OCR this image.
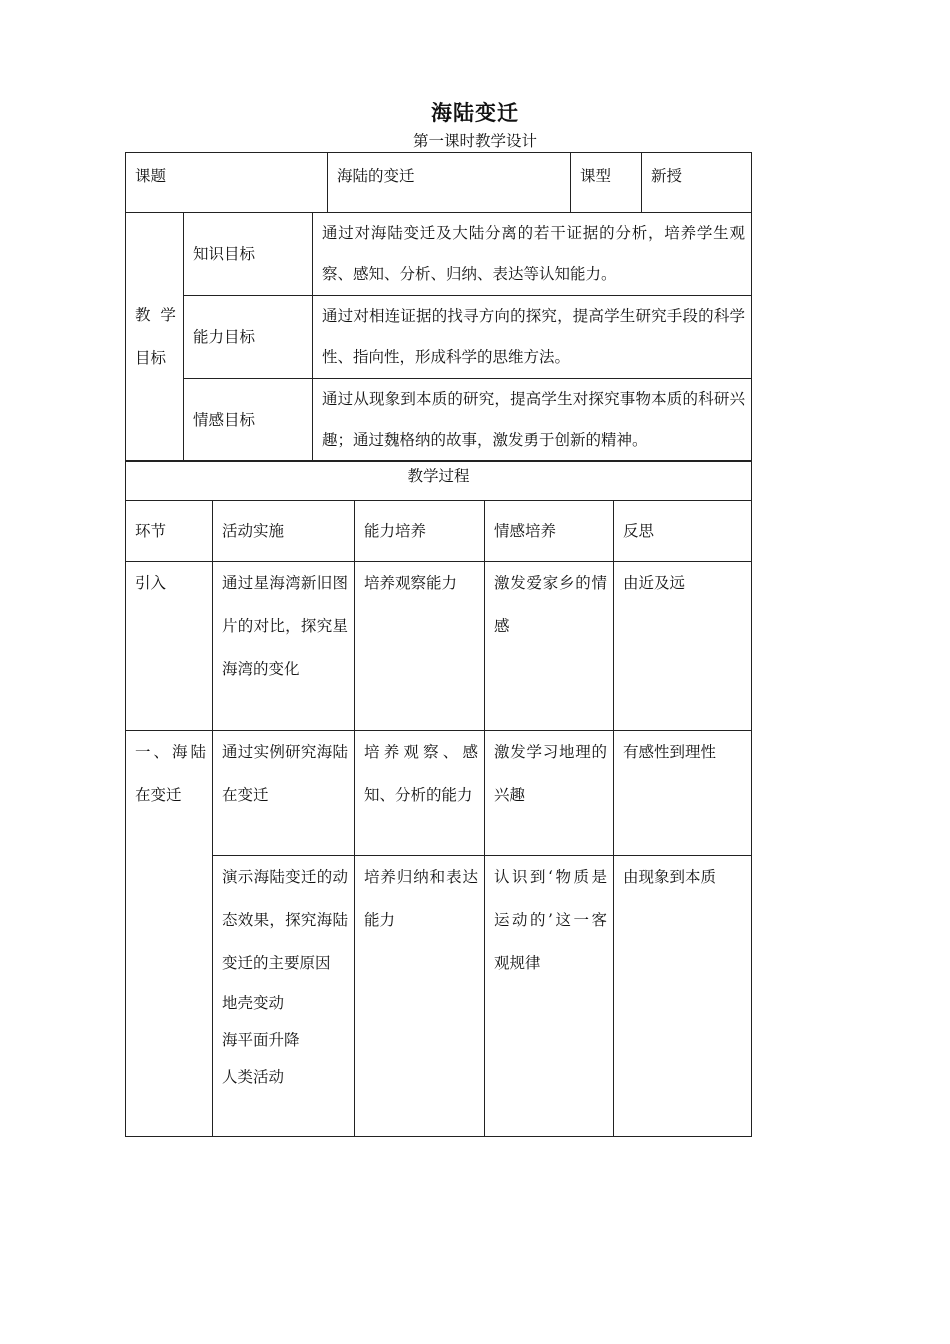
海陆变迁
第一课时教学设计
课题			海陆的变迁	课型	新授
教  学
目标	知识目标	通过对海陆变迁及大陆分离的若干证据的分析，培养学生观察、感知、分析、归纳、表达等认知能力。			
	能力目标	通过对相连证据的找寻方向的探究，提高学生研究手段的科学性、指向性，形成科学的思维方法。			
	情感目标	通过从现象到本质的研究，提高学生对探究事物本质的科研兴趣；通过魏格纳的故事，激发勇于创新的精神。			
教学过程				
环节	活动实施	能力培养	情感培养	反思
引入	通过星海湾新旧图片的对比，探究星海湾的变化	培养观察能力	激发爱家乡的情感	由近及远
一、海陆在变迁	通过实例研究海陆在变迁	培养观察、感知、分析的能力	激发学习地理的兴趣	有感性到理性

	演示海陆变迁的动态效果，探究海陆变迁的主要原因
地壳变动
海平面升降
人类活动	培养归纳和表达能力	认识到‘物质是运动的’这一客观规律	由现象到本质
